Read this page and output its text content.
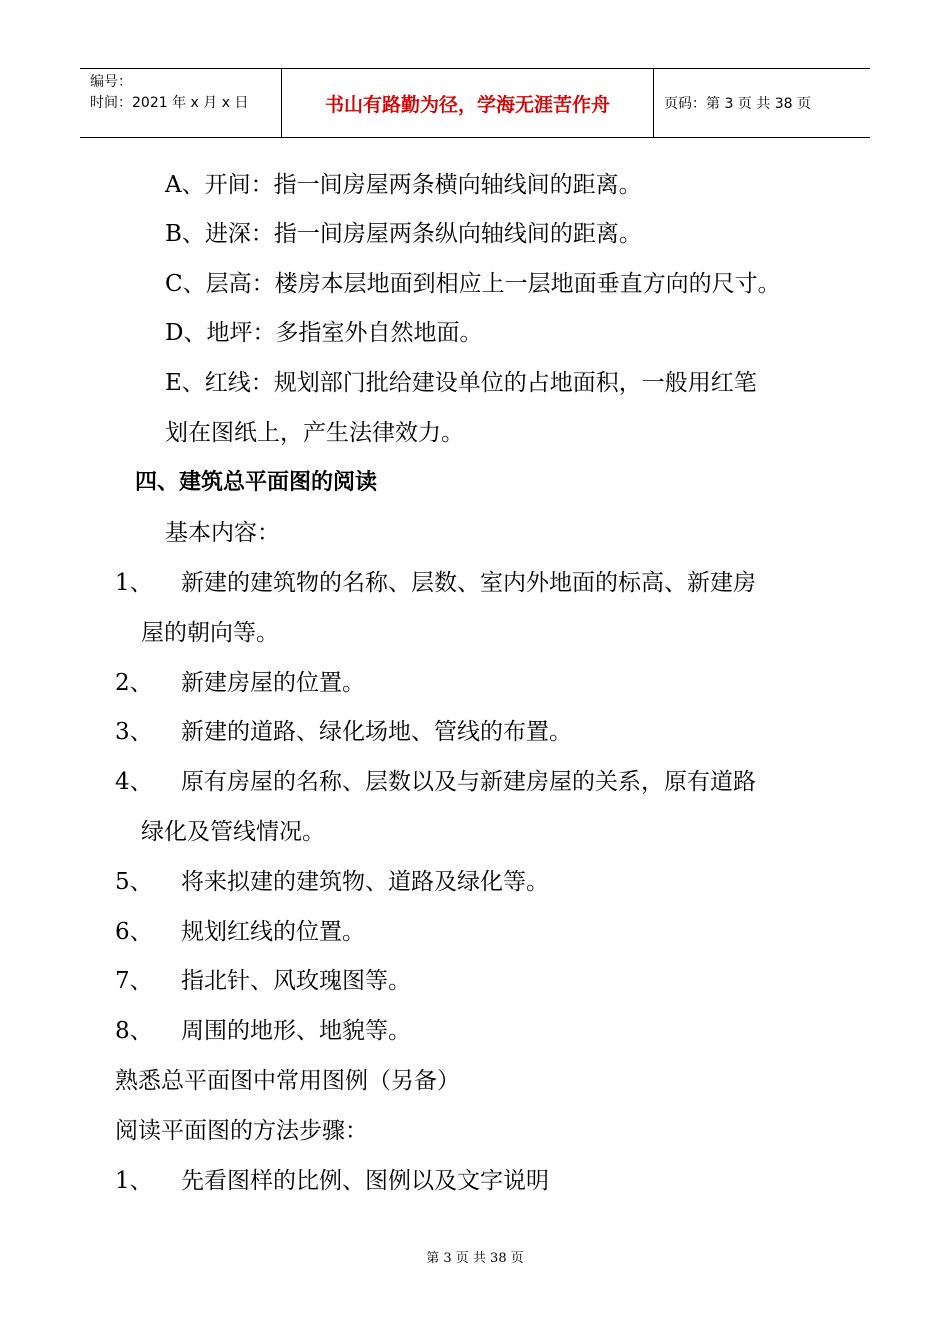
编号：
时间：2021 年 x 月 x 日	书山有路勤为径，学海无涯苦作舟	页码：第 3 页 共 38 页
A、开间：指一间房屋两条横向轴线间的距离。
B、进深：指一间房屋两条纵向轴线间的距离。
C、层高：楼房本层地面到相应上一层地面垂直方向的尺寸。
D、地坪：多指室外自然地面。
E、红线：规划部门批给建设单位的占地面积，一般用红笔
划在图纸上，产生法律效力。
四、建筑总平面图的阅读
基本内容：
1、 新建的建筑物的名称、层数、室内外地面的标高、新建房
屋的朝向等。
2、 新建房屋的位置。
3、 新建的道路、绿化场地、管线的布置。
4、 原有房屋的名称、层数以及与新建房屋的关系，原有道路
绿化及管线情况。
5、 将来拟建的建筑物、道路及绿化等。
6、 规划红线的位置。
7、 指北针、风玫瑰图等。
8、 周围的地形、地貌等。
熟悉总平面图中常用图例（另备）
阅读平面图的方法步骤：
1、 先看图样的比例、图例以及文字说明
第 3 页 共 38 页
